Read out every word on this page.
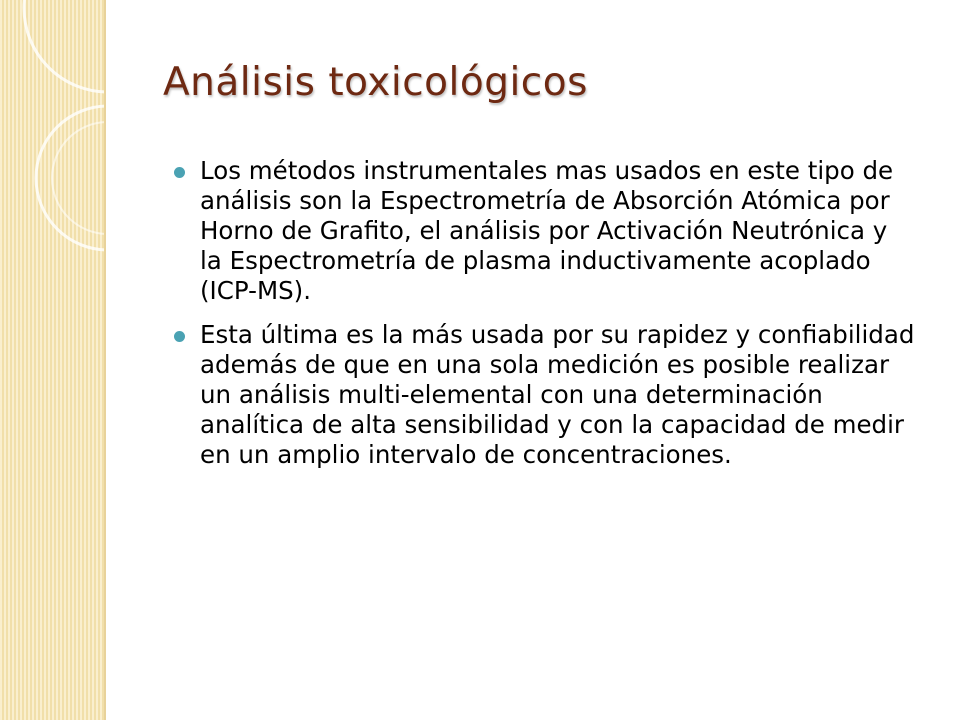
Análisis toxicológicos
Los métodos instrumentales mas usados en este tipo de análisis son la Espectrometría de Absorción Atómica por Horno de Grafito, el análisis por Activación Neutrónica y la Espectrometría de plasma inductivamente acoplado (ICP-MS).
Esta última es la más usada por su rapidez y confiabilidad además de que en una sola medición es posible realizar un análisis multi-elemental con una determinación analítica de alta sensibilidad y con la capacidad de medir en un amplio intervalo de concentraciones.
